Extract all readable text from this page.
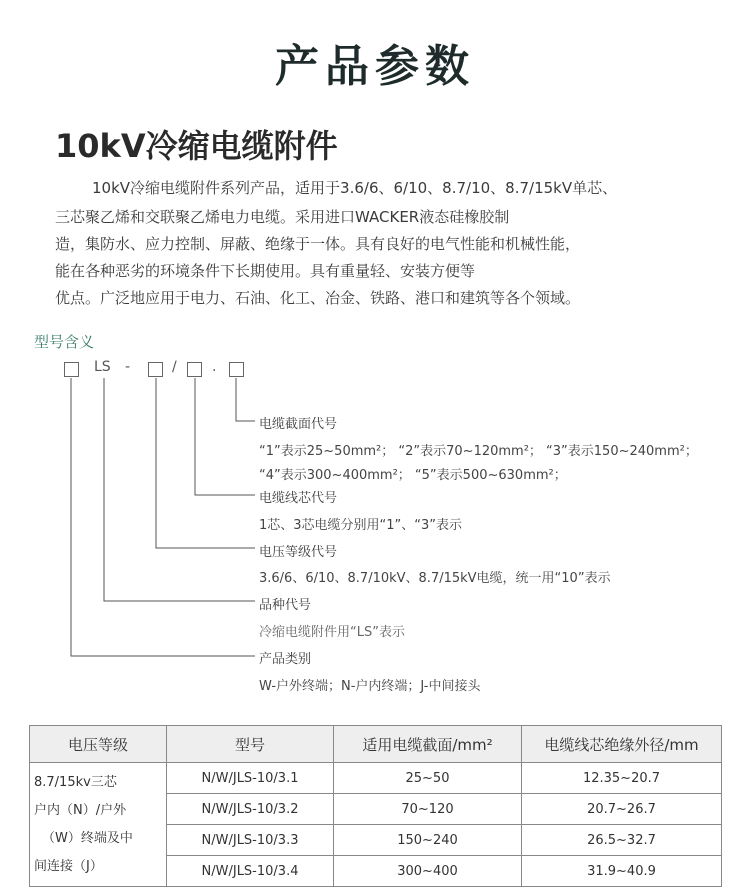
产品参数
10kV冷缩电缆附件
10kV冷缩电缆附件系列产品，适用于3.6/6、6/10、8.7/10、8.7/15kV单芯、
三芯聚乙烯和交联聚乙烯电力电缆。采用进口WACKER液态硅橡胶制
造，集防水、应力控制、屏蔽、绝缘于一体。具有良好的电气性能和机械性能，
能在各种恶劣的环境条件下长期使用。具有重量轻、安装方便等
优点。广泛地应用于电力、石油、化工、冶金、铁路、港口和建筑等各个领域。
型号含义
LS -	/	.
电缆截面代号
“1”表示25~50mm²； “2”表示70~120mm²； “3”表示150~240mm²；
“4”表示300~400mm²； “5”表示500~630mm²；
电缆线芯代号
1芯、3芯电缆分别用“1”、“3”表示
电压等级代号
3.6/6、6/10、8.7/10kV、8.7/15kV电缆，统一用“10”表示
品种代号
冷缩电缆附件用“LS”表示
产品类别
W-户外终端；N-户内终端；J-中间接头
电压等级	型号	适用电缆截面/mm²	电缆线芯绝缘外径/mm

8.7/15kv三芯
户内（N）/户外
（W）终端及中
间连接（J）	N/W/JLS-10/3.1	25~50	12.35~20.7
	N/W/JLS-10/3.2	70~120	20.7~26.7
	N/W/JLS-10/3.3	150~240	26.5~32.7
	N/W/JLS-10/3.4	300~400	31.9~40.9
